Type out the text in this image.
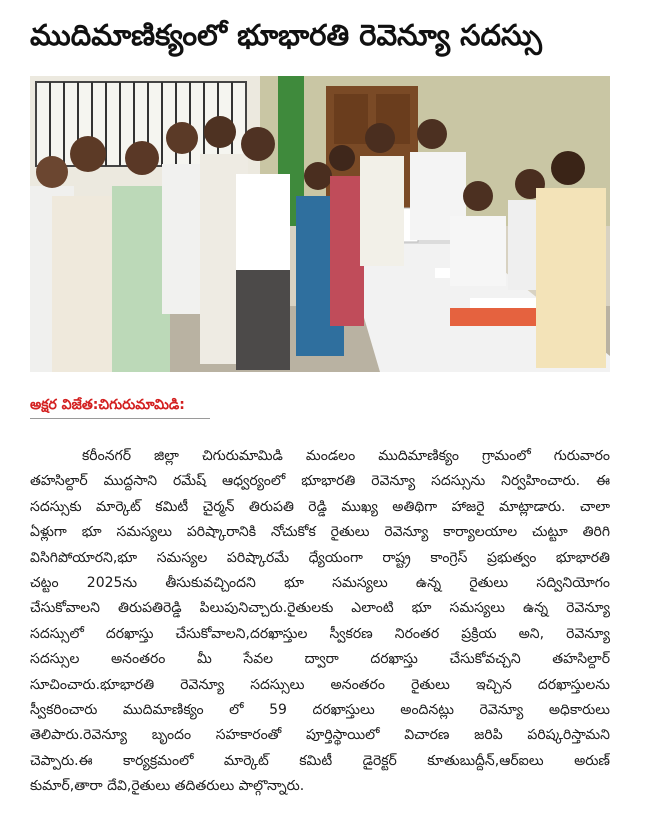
ముదిమాణిక్యంలో భూభారతి రెవెన్యూ సదస్సు
అక్షర విజేత:చిగురుమామిడి:
కరీంనగర్ జిల్లా చిగురుమామిడి మండలం ముదిమాణిక్యం గ్రామంలో గురువారం
తహసిల్దార్ ముద్దసాని రమేష్ ఆధ్వర్యంలో భూభారతి రెవెన్యూ సదస్సును నిర్వహించారు. ఈ
సదస్సుకు మార్కెట్ కమిటీ చైర్మన్ తిరుపతి రెడ్డి ముఖ్య అతిథిగా హాజరై మాట్లాడారు. చాలా
ఏళ్లుగా భూ సమస్యలు పరిష్కారానికి నోచుకోక రైతులు రెవెన్యూ కార్యాలయాల చుట్టూ తిరిగి
విసిగిపోయారని,భూ సమస్యల పరిష్కారమే ధ్యేయంగా రాష్ట్ర కాంగ్రెస్ ప్రభుత్వం భూభారతి
చట్టం 2025ను తీసుకువచ్చిందని భూ సమస్యలు ఉన్న రైతులు సద్వినియోగం
చేసుకోవాలని తిరుపతిరెడ్డి పిలుపునిచ్చారు.రైతులకు ఎలాంటి భూ సమస్యలు ఉన్న రెవెన్యూ
సదస్సులో దరఖాస్తు చేసుకోవాలని,దరఖాస్తుల స్వీకరణ నిరంతర ప్రక్రియ అని, రెవెన్యూ
సదస్సుల అనంతరం మీ సేవల ద్వారా దరఖాస్తు చేసుకోవచ్చని తహసిల్దార్
సూచించారు.భూభారతి రెవెన్యూ సదస్సులు అనంతరం రైతులు ఇచ్చిన దరఖాస్తులను
స్వీకరించారు ముదిమాణిక్యం లో 59 దరఖాస్తులు అందినట్లు రెవెన్యూ అధికారులు
తెలిపారు.రెవెన్యూ బృందం సహకారంతో పూర్తిస్థాయిలో విచారణ జరిపి పరిష్కరిస్తామని
చెప్పారు.ఈ కార్యక్రమంలో మార్కెట్ కమిటీ డైరెక్టర్ కూతుబుద్దీన్,ఆర్ఐలు అరుణ్
కుమార్,తారా దేవి,రైతులు తదితరులు పాల్గొన్నారు.
